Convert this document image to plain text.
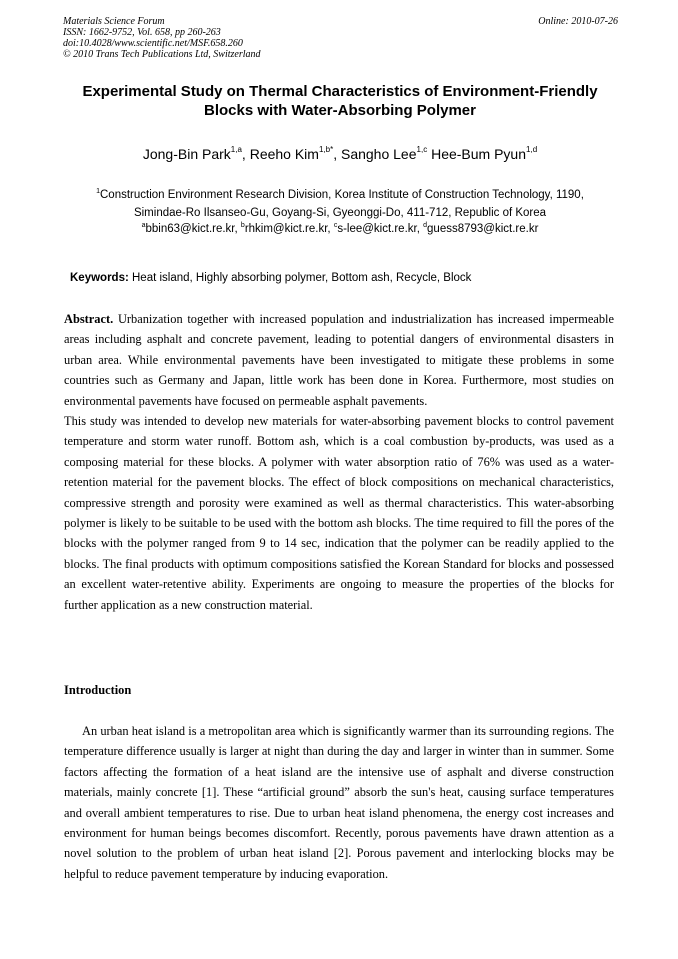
Materials Science Forum
ISSN: 1662-9752, Vol. 658, pp 260-263
doi:10.4028/www.scientific.net/MSF.658.260
© 2010 Trans Tech Publications Ltd, Switzerland
Online: 2010-07-26
Experimental Study on Thermal Characteristics of Environment-Friendly
Blocks with Water-Absorbing Polymer
Jong-Bin Park$^{1,a}$, Reeho Kim$^{1,b*}$, Sangho Lee$^{1,c}$ Hee-Bum Pyun$^{1,d}$
$^1$Construction Environment Research Division, Korea Institute of Construction Technology, 1190,
Simindae-Ro Ilsanseo-Gu, Goyang-Si, Gyeonggi-Do, 411-712, Republic of Korea
$^a$bbin63@kict.re.kr, $^b$rhkim@kict.re.kr, $^c$s-lee@kict.re.kr, $^d$guess8793@kict.re.kr
Keywords: Heat island, Highly absorbing polymer, Bottom ash, Recycle, Block

Abstract. Urbanization together with increased population and industrialization has increased impermeable areas including asphalt and concrete pavement, leading to potential dangers of environmental disasters in urban area. While environmental pavements have been investigated to mitigate these problems in some countries such as Germany and Japan, little work has been done in Korea. Furthermore, most studies on environmental pavements have focused on permeable asphalt pavements.

This study was intended to develop new materials for water-absorbing pavement blocks to control pavement temperature and storm water runoff. Bottom ash, which is a coal combustion by-products, was used as a composing material for these blocks. A polymer with water absorption ratio of 76% was used as a water-retention material for the pavement blocks. The effect of block compositions on mechanical characteristics, compressive strength and porosity were examined as well as thermal characteristics. This water-absorbing polymer is likely to be suitable to be used with the bottom ash blocks. The time required to fill the pores of the blocks with the polymer ranged from 9 to 14 sec, indication that the polymer can be readily applied to the blocks. The final products with optimum compositions satisfied the Korean Standard for blocks and possessed an excellent water-retentive ability. Experiments are ongoing to measure the properties of the blocks for further application as a new construction material.

Introduction

An urban heat island is a metropolitan area which is significantly warmer than its surrounding regions. The temperature difference usually is larger at night than during the day and larger in winter than in summer. Some factors affecting the formation of a heat island are the intensive use of asphalt and diverse construction materials, mainly concrete [1]. These “artificial ground” absorb the sun's heat, causing surface temperatures and overall ambient temperatures to rise. Due to urban heat island phenomena, the energy cost increases and environment for human beings becomes discomfort. Recently, porous pavements have drawn attention as a novel solution to the problem of urban heat island [2]. Porous pavement and interlocking blocks may be helpful to reduce pavement temperature by inducing evaporation.
